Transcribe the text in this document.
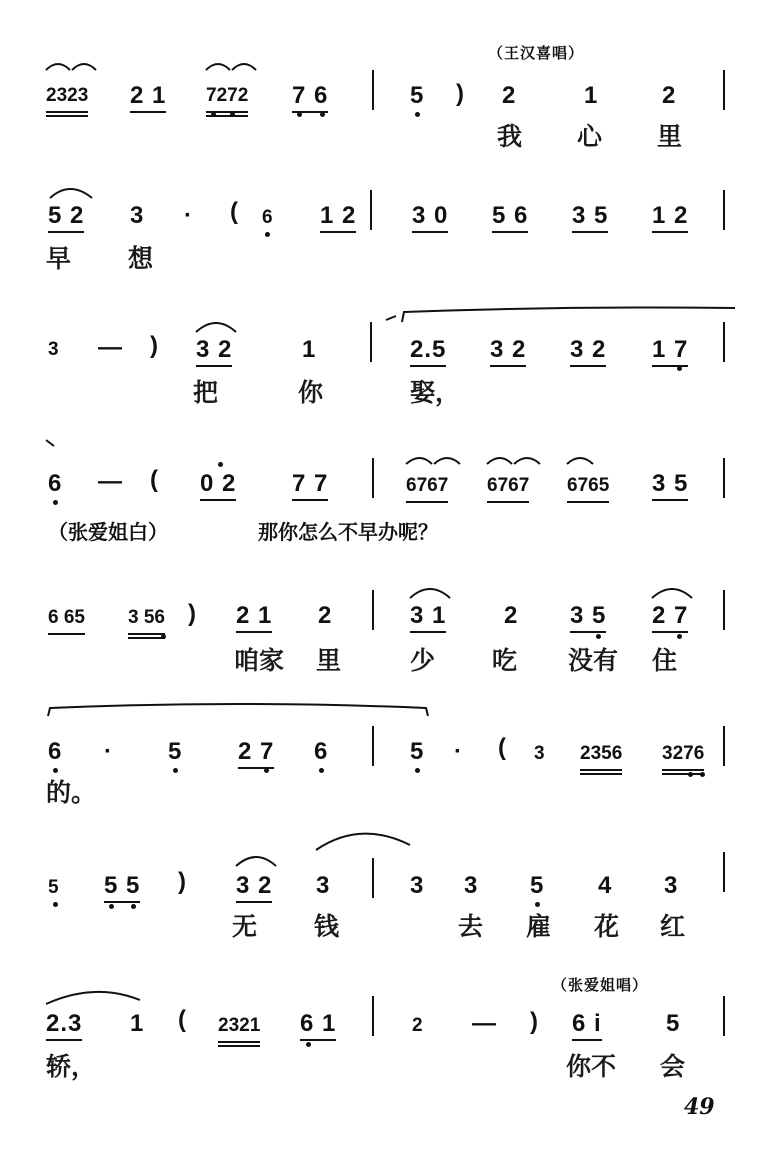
（王汉喜唱）
2323 2 1 7272 7 6	5 ) 2	1	2
我 心 里
5 2 3 · ( 6 1 2 3 0 5 6 3 5 1 2
早 想
3 — ) 3 2	1	2.5 3 2 3 2 1 7
把	你	娶，
6 — ( 0 2 7 7	6767 6767 6765 3 5
（张爱姐白）	那你怎么不早办呢？
6 65 3 56 ) 2 1 2	3 1 2 3 5 2 7
咱家 里	少 吃 没有 住
6 · 5 2 7 6	5 · ( 3 2356 3276
的。
5 5 5 ) 3 2 3	3 3 5 4 3
无 钱	去 雇 花 红
（张爱姐唱）
2.3 1 ( 2321 6 1	2 — ) 6 i	5
轿，	你不 会
49
